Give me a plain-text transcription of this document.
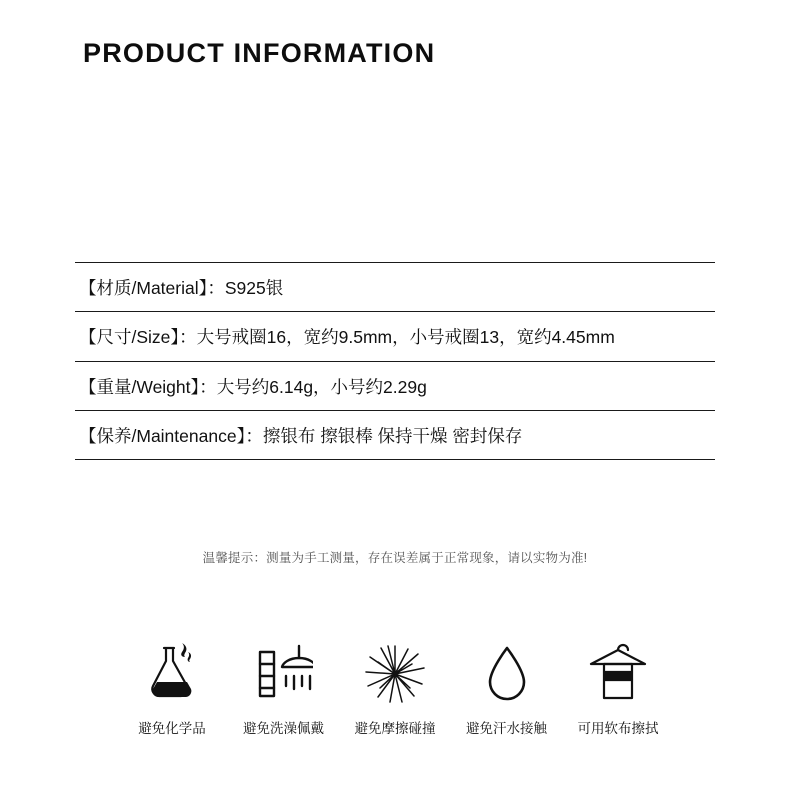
PRODUCT INFORMATION
【材质/Material】：S925银
【尺寸/Size】：大号戒圈16，宽约9.5mm，小号戒圈13，宽约4.45mm
【重量/Weight】：大号约6.14g，小号约2.29g
【保养/Maintenance】：擦银布 擦银棒 保持干燥 密封保存
温馨提示：测量为手工测量，存在误差属于正常现象，请以实物为准!
避免化学品	避免洗澡佩戴 避免摩擦碰撞 避免汗水接触 可用软布擦拭
